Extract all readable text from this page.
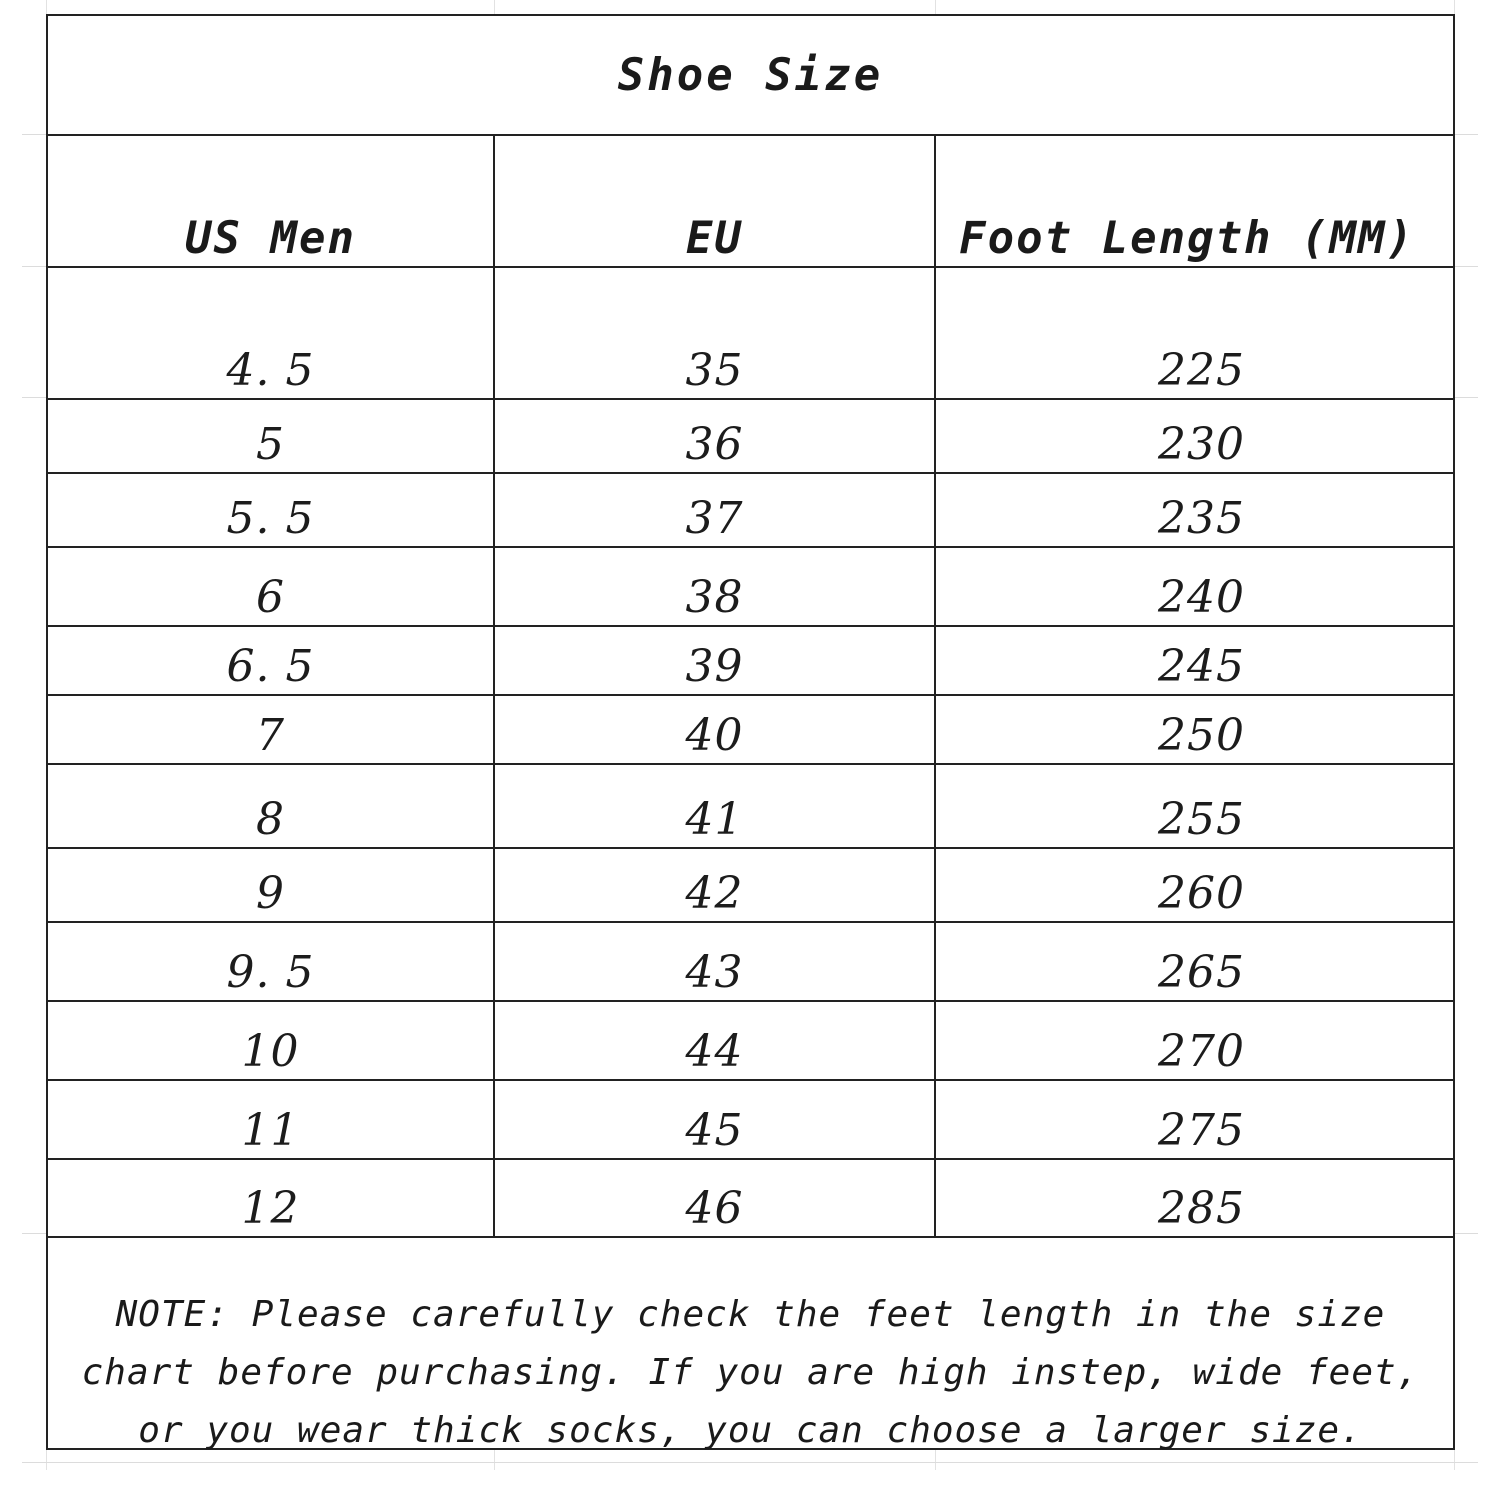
Shoe Size
US Men	EU	Foot Length (MM)
4. 5	35	225
5	36	230
5. 5	37	235
6	38	240
6. 5	39	245
7	40	250
8	41	255
9	42	260
9. 5	43	265
10	44	270
11	45	275
12	46	285
NOTE: Please carefully check the feet length in the size chart before purchasing. If you are high instep, wide feet, or you wear thick socks, you can choose a larger size.
